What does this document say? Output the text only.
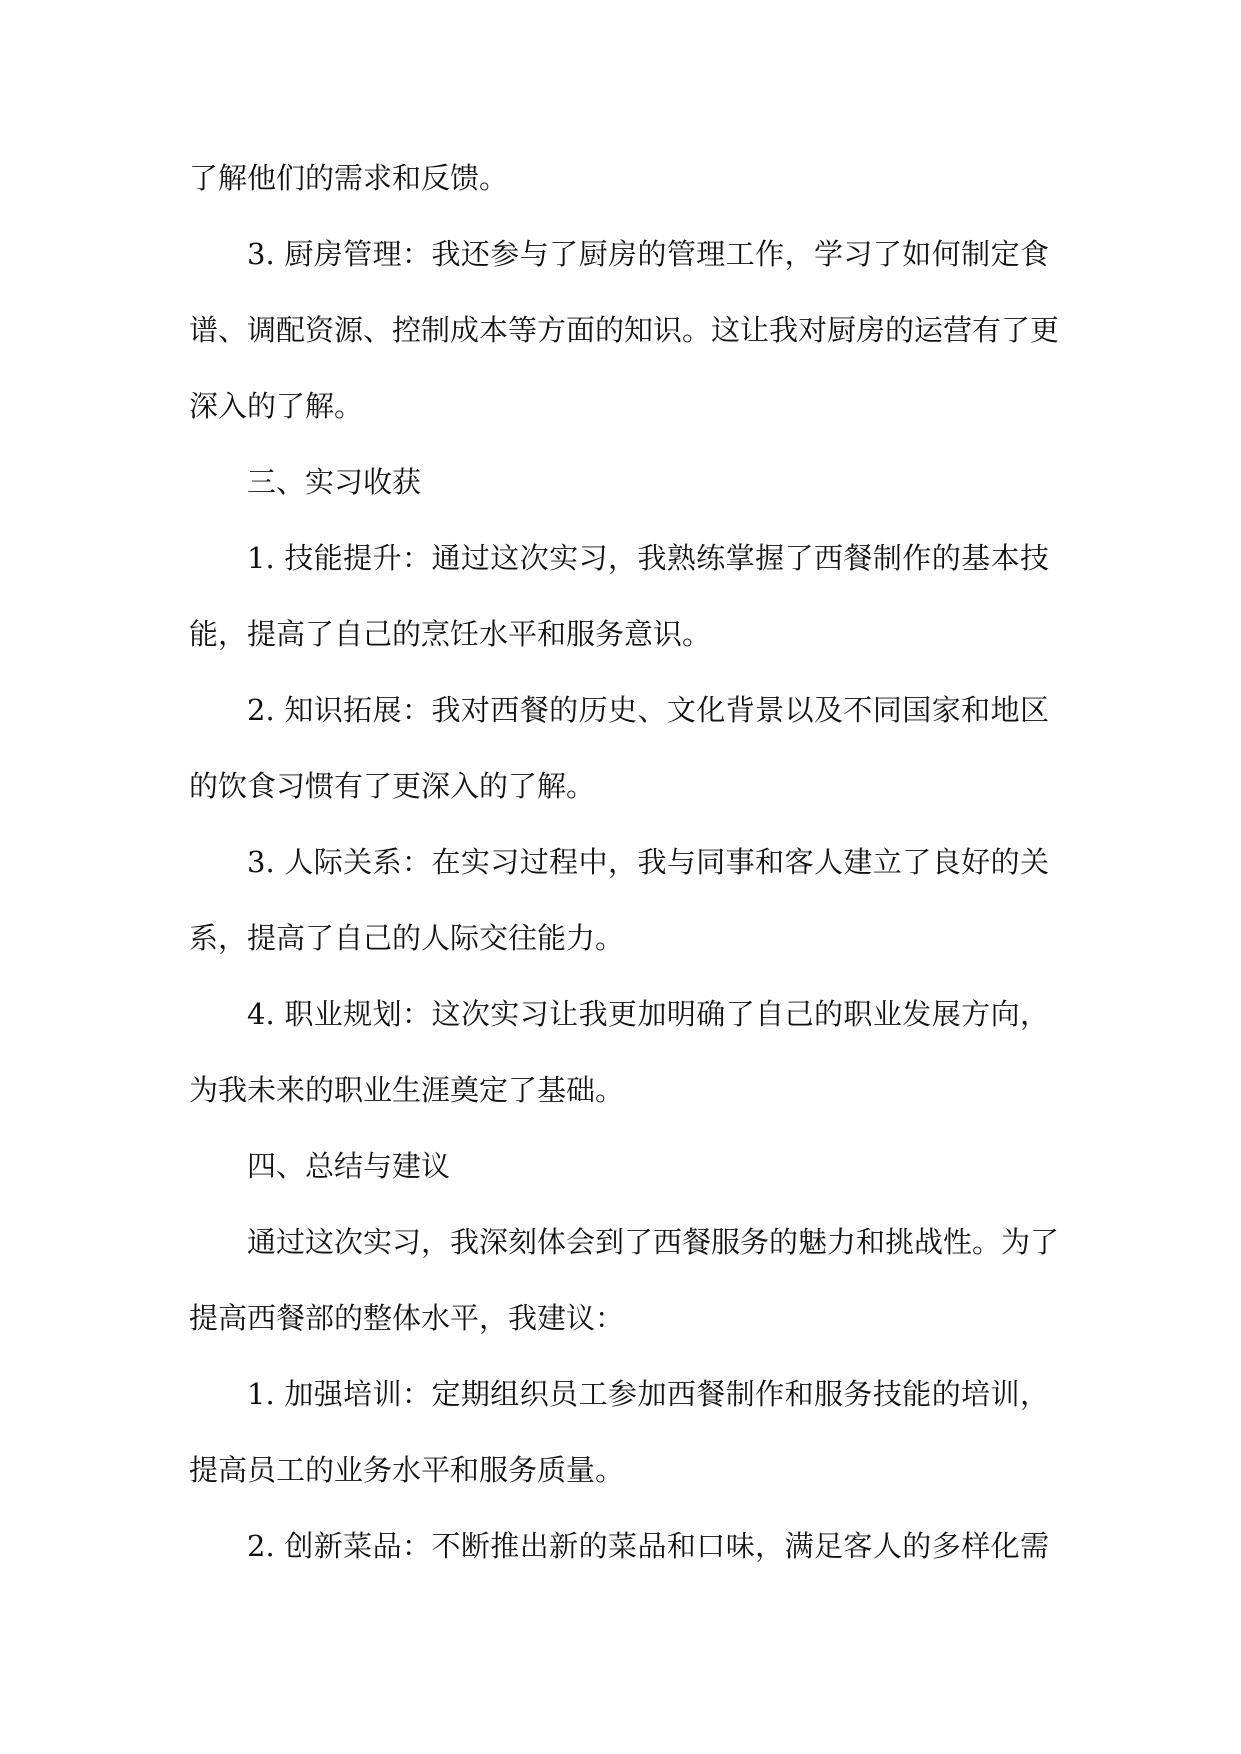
了解他们的需求和反馈。
3. 厨房管理：我还参与了厨房的管理工作，学习了如何制定食
谱、调配资源、控制成本等方面的知识。这让我对厨房的运营有了更
深入的了解。
三、实习收获
1. 技能提升：通过这次实习，我熟练掌握了西餐制作的基本技
能，提高了自己的烹饪水平和服务意识。
2. 知识拓展：我对西餐的历史、文化背景以及不同国家和地区
的饮食习惯有了更深入的了解。
3. 人际关系：在实习过程中，我与同事和客人建立了良好的关
系，提高了自己的人际交往能力。
4. 职业规划：这次实习让我更加明确了自己的职业发展方向，
为我未来的职业生涯奠定了基础。
四、总结与建议
通过这次实习，我深刻体会到了西餐服务的魅力和挑战性。为了
提高西餐部的整体水平，我建议：
1. 加强培训：定期组织员工参加西餐制作和服务技能的培训，
提高员工的业务水平和服务质量。
2. 创新菜品：不断推出新的菜品和口味，满足客人的多样化需
